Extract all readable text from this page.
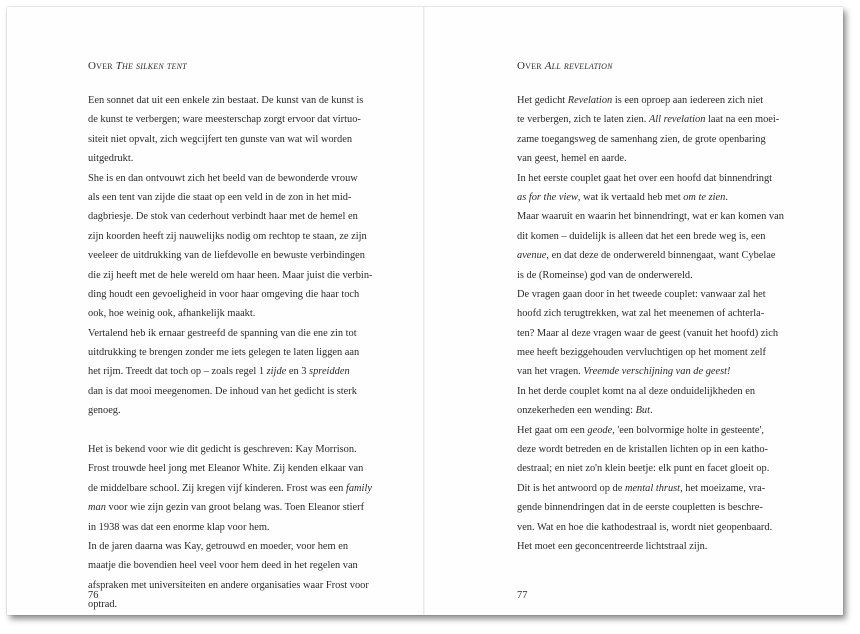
Over The silken tent
Een sonnet dat uit een enkele zin bestaat. De kunst van de kunst is
de kunst te verbergen; ware meesterschap zorgt ervoor dat virtuo-
siteit niet opvalt, zich wegcijfert ten gunste van wat wil worden
uitgedrukt.
She is en dan ontvouwt zich het beeld van de bewonderde vrouw
als een tent van zijde die staat op een veld in de zon in het mid-
dagbriesje. De stok van cederhout verbindt haar met de hemel en
zijn koorden heeft zij nauwelijks nodig om rechtop te staan, ze zijn
veeleer de uitdrukking van de liefdevolle en bewuste verbindingen
die zij heeft met de hele wereld om haar heen. Maar juist die verbin-
ding houdt een gevoeligheid in voor haar omgeving die haar toch
ook, hoe weinig ook, afhankelijk maakt.
Vertalend heb ik ernaar gestreefd de spanning van die ene zin tot
uitdrukking te brengen zonder me iets gelegen te laten liggen aan
het rijm. Treedt dat toch op – zoals regel 1 zijde en 3 spreidden
dan is dat mooi meegenomen. De inhoud van het gedicht is sterk
genoeg.
Het is bekend voor wie dit gedicht is geschreven: Kay Morrison.
Frost trouwde heel jong met Eleanor White. Zij kenden elkaar van
de middelbare school. Zij kregen vijf kinderen. Frost was een family
man voor wie zijn gezin van groot belang was. Toen Eleanor stierf
in 1938 was dat een enorme klap voor hem.
In de jaren daarna was Kay, getrouwd en moeder, voor hem en
maatje die bovendien heel veel voor hem deed in het regelen van
afspraken met universiteiten en andere organisaties waar Frost voor
optrad.
76
Over All revelation
Het gedicht Revelation is een oproep aan iedereen zich niet
te verbergen, zich te laten zien. All revelation laat na een moei-
zame toegangsweg de samenhang zien, de grote openbaring
van geest, hemel en aarde.
In het eerste couplet gaat het over een hoofd dat binnendringt
as for the view, wat ik vertaald heb met om te zien.
Maar waaruit en waarin het binnendringt, wat er kan komen van
dit komen – duidelijk is alleen dat het een brede weg is, een
avenue, en dat deze de onderwereld binnengaat, want Cybelae
is de (Romeinse) god van de onderwereld.
De vragen gaan door in het tweede couplet: vanwaar zal het
hoofd zich terugtrekken, wat zal het meenemen of achterla-
ten? Maar al deze vragen waar de geest (vanuit het hoofd) zich
mee heeft beziggehouden vervluchtigen op het moment zelf
van het vragen. Vreemde verschijning van de geest!
In het derde couplet komt na al deze onduidelijkheden en
onzekerheden een wending: But.
Het gaat om een geode, 'een bolvormige holte in gesteente',
deze wordt betreden en de kristallen lichten op in een katho-
destraal; en niet zo'n klein beetje: elk punt en facet gloeit op.
Dit is het antwoord op de mental thrust, het moeizame, vra-
gende binnendringen dat in de eerste coupletten is beschre-
ven. Wat en hoe die kathodestraal is, wordt niet geopenbaard.
Het moet een geconcentreerde lichtstraal zijn.
77
